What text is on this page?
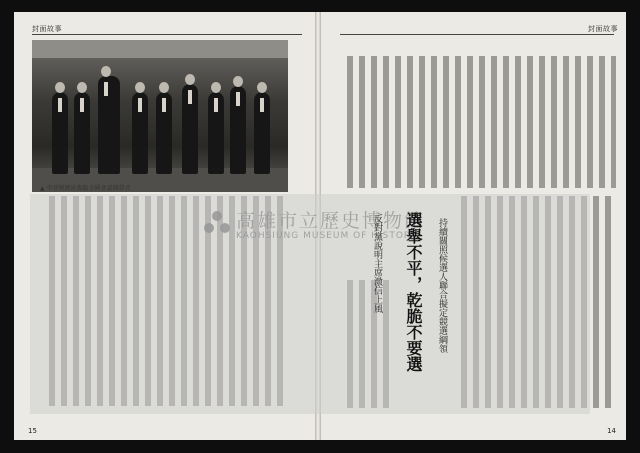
封面故事
▲ 李登輝總統親臨全國會議開幕式
封面故事
高雄市立歷史博物館
KAOHSIUNG MUSEUM OF HISTORY
選舉不平，乾脆不要選
反對黨說明主席激信上風	持續關照候選人聯合擬定競選綱領
15	14
